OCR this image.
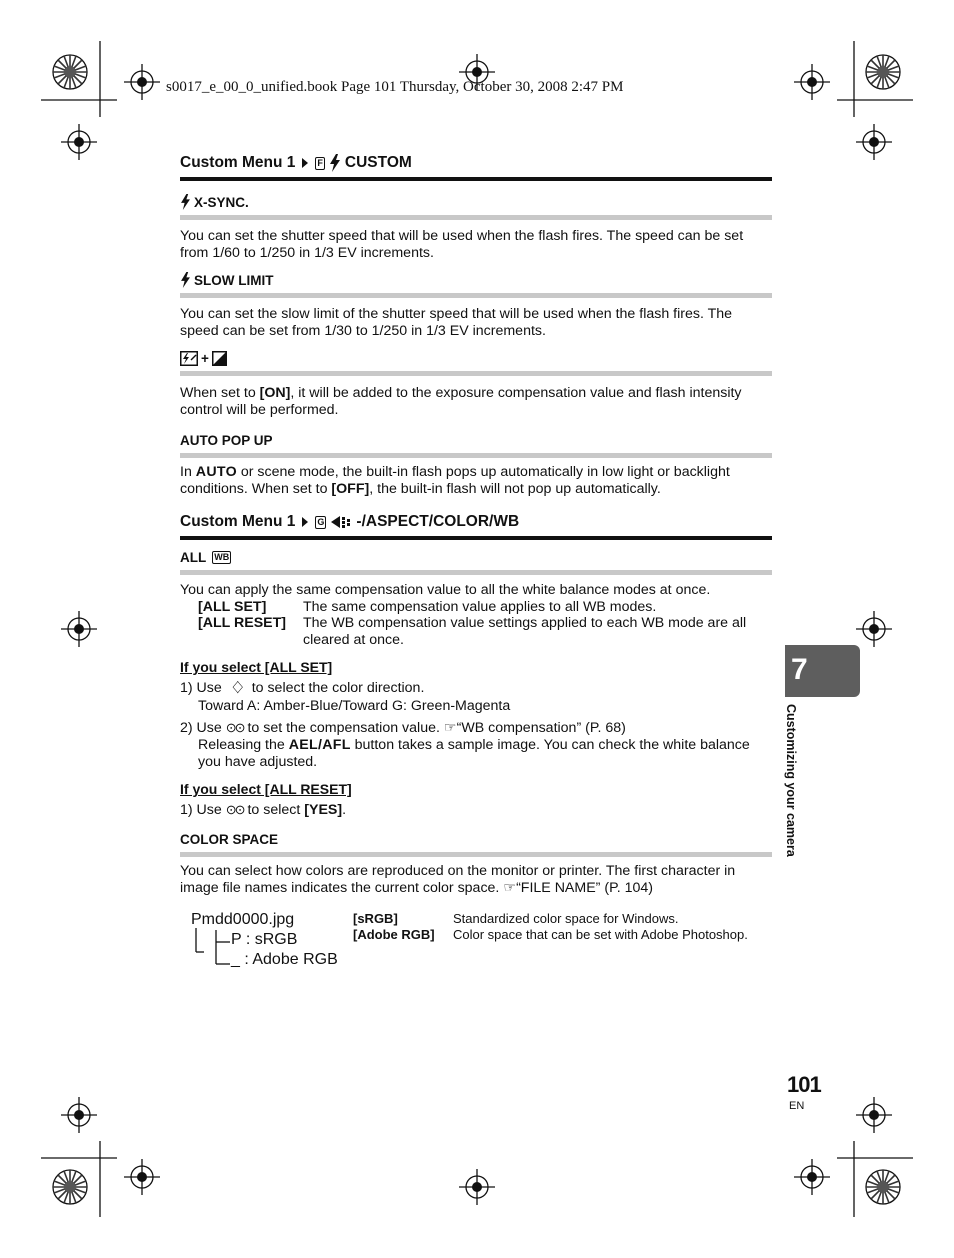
s0017_e_00_0_unified.book Page 101 Thursday, October 30, 2008 2:47 PM
Custom Menu 1 F CUSTOM
X-SYNC.
You can set the shutter speed that will be used when the flash fires. The speed can be set
from 1/60 to 1/250 in 1/3 EV increments.
SLOW LIMIT
You can set the slow limit of the shutter speed that will be used when the flash fires. The
speed can be set from 1/30 to 1/250 in 1/3 EV increments.
+
When set to [ON], it will be added to the exposure compensation value and flash intensity
control will be performed.
AUTO POP UP
In AUTO or scene mode, the built-in flash pops up automatically in low light or backlight
conditions. When set to [OFF], the built-in flash will not pop up automatically.
Custom Menu 1 G -/ASPECT/COLOR/WB
ALL WB
You can apply the same compensation value to all the white balance modes at once.
[ALL SET]	The same compensation value applies to all WB modes.
[ALL RESET]	The WB compensation value settings applied to each WB mode are all
cleared at once.
If you select [ALL SET]
1) Use 〈〉 to select the color direction.
Toward A: Amber-Blue/Toward G: Green-Magenta
2) Use ⊙⊙ to set the compensation value. ☞“WB compensation” (P. 68)
Releasing the AEL/AFL button takes a sample image. You can check the white balance
you have adjusted.
If you select [ALL RESET]
1) Use ⊙⊙ to select [YES].
COLOR SPACE
You can select how colors are reproduced on the monitor or printer. The first character in
image file names indicates the current color space. ☞“FILE NAME” (P. 104)
Pmdd0000.jpg
P : sRGB
_ : Adobe RGB
[sRGB]	Standardized color space for Windows.
[Adobe RGB]	Color space that can be set with Adobe Photoshop.
7
Customizing your camera
101
EN
